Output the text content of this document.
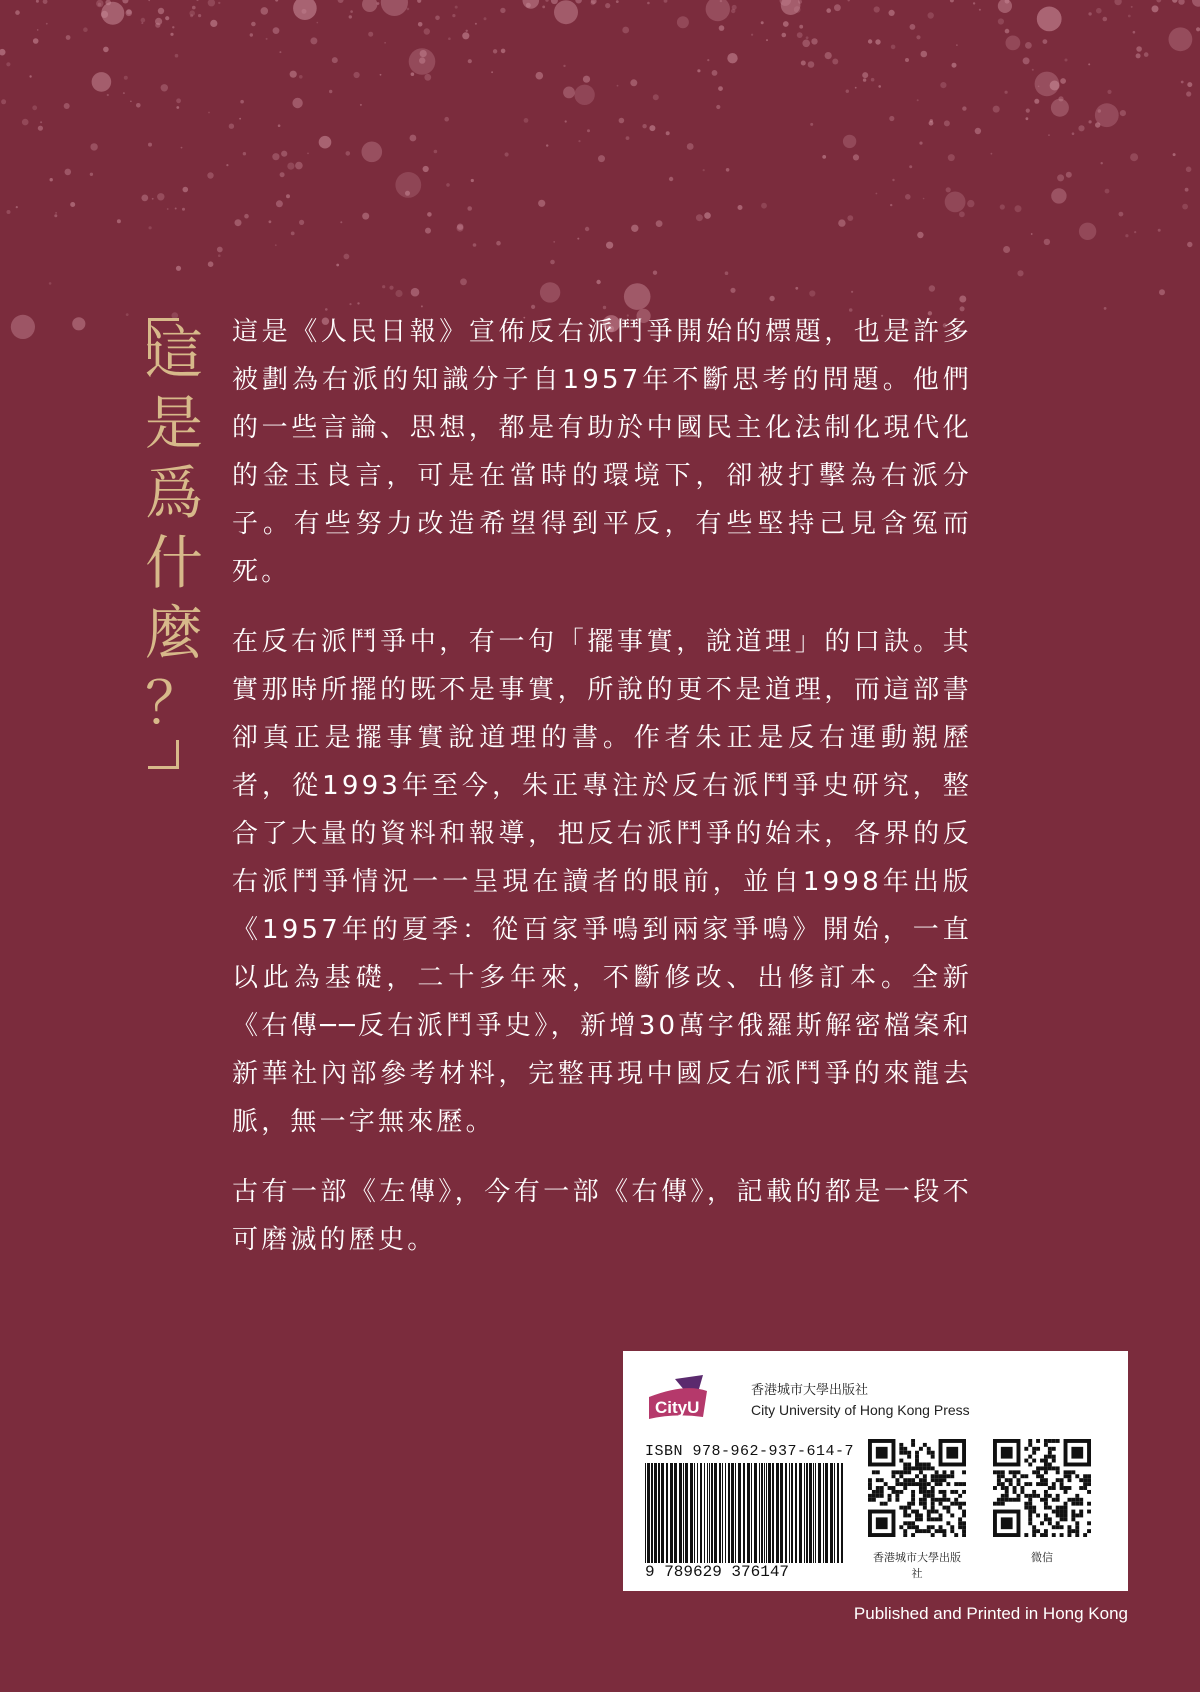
這
是
爲
什
麼
？

這是《人民日報》宣佈反右派鬥爭開始的標題，也是許多被劃為右派的知識分子自1957年不斷思考的問題。他們的一些言論、思想，都是有助於中國民主化法制化現代化的金玉良言，可是在當時的環境下，卻被打擊為右派分子。有些努力改造希望得到平反，有些堅持己見含冤而死。

在反右派鬥爭中，有一句「擺事實，說道理」的口訣。其實那時所擺的既不是事實，所說的更不是道理，而這部書卻真正是擺事實說道理的書。作者朱正是反右運動親歷者，從1993年至今，朱正專注於反右派鬥爭史研究，整合了大量的資料和報導，把反右派鬥爭的始末，各界的反右派鬥爭情況一一呈現在讀者的眼前，並自1998年出版《1957年的夏季：從百家爭鳴到兩家爭鳴》開始，一直以此為基礎，二十多年來，不斷修改、出修訂本。全新《右傳──反右派鬥爭史》，新增30萬字俄羅斯解密檔案和新華社內部參考材料，完整再現中國反右派鬥爭的來龍去脈，無一字無來歷。

古有一部《左傳》，今有一部《右傳》，記載的都是一段不可磨滅的歷史。

CityU
香港城市大學出版社
City University of Hong Kong Press
ISBN 978-962-937-614-7
9 789629 376147
香港城市大學出版社
微信
Published and Printed in Hong Kong
